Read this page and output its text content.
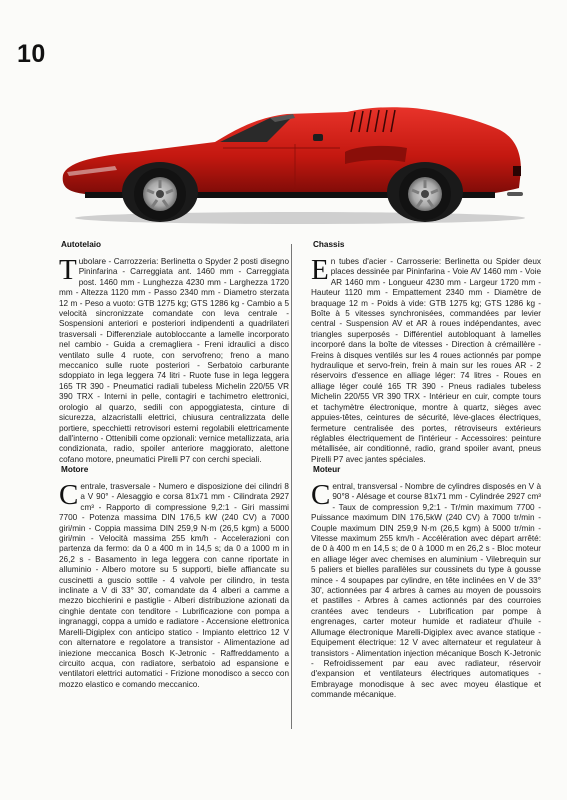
10
Autotelaio
Tubolare - Carrozzeria: Berlinetta o Spyder 2 posti disegno Pininfarina - Carreggiata ant. 1460 mm - Carreggiata post. 1460 mm - Lunghezza 4230 mm - Larghezza 1720 mm - Altezza 1120 mm - Passo 2340 mm - Diametro sterzata 12 m - Peso a vuoto: GTB 1275 kg; GTS 1286 kg - Cambio a 5 velocità sincronizzate comandate con leva centrale - Sospensioni anteriori e posteriori indipendenti a quadrilateri trasversali - Differenziale autobloccante a lamelle incorporato nel cambio - Guida a cremagliera - Freni idraulici a disco ventilato sulle 4 ruote, con servofreno; freno a mano meccanico sulle ruote posteriori - Serbatoio carburante sdoppiato in lega leggera 74 litri - Ruote fuse in lega leggera 165 TR 390 - Pneumatici radiali tubeless Michelin 220/55 VR 390 TRX - Interni in pelle, contagiri e tachimetro elettronici, orologio al quarzo, sedili con appoggiatesta, cinture di sicurezza, alzacristalli elettrici, chiusura centralizzata delle portiere, specchietti retrovisori esterni regolabili elettricamente dall'interno - Ottenibili come opzionali: vernice metallizzata, aria condizionata, radio, spoiler anteriore maggiorato, alettone cofano motore, pneumatici Pirelli P7 con cerchi speciali.
Chassis
En tubes d'acier - Carrosserie: Berlinetta ou Spider deux places dessinée par Pininfarina - Voie AV 1460 mm - Voie AR 1460 mm - Longueur 4230 mm - Largeur 1720 mm - Hauteur 1120 mm - Empattement 2340 mm - Diamètre de braquage 12 m - Poids à vide: GTB 1275 kg; GTS 1286 kg - Boîte à 5 vitesses synchronisées, commandées par levier central - Suspension AV et AR à roues indépendantes, avec triangles superposés - Différentiel autobloquant à lamelles incorporé dans la boîte de vitesses - Direction à crémaillère - Freins à disques ventilés sur les 4 roues actionnés par pompe hydraulique et servo-frein, frein à main sur les roues AR - 2 réservoirs d'essence en alliage léger: 74 litres - Roues en alliage léger coulé 165 TR 390 - Pneus radiales tubeless Michelin 220/55 VR 390 TRX - Intérieur en cuir, compte tours et tachymètre électronique, montre à quartz, sièges avec appuies-têtes, ceintures de sécurité, lève-glaces électriques, fermeture centralisée des portes, rétroviseurs extérieurs réglables électriquement de l'intérieur - Accessoires: peinture métallisée, air conditionné, radio, grand spoiler avant, pneus Pirelli P7 avec jantes spéciales.
Motore
Centrale, trasversale - Numero e disposizione dei cilindri 8 a V 90° - Alesaggio e corsa 81x71 mm - Cilindrata 2927 cm³ - Rapporto di compressione 9,2:1 - Giri massimi 7700 - Potenza massima DIN 176,5 kW (240 CV) a 7000 giri/min - Coppia massima DIN 259,9 N·m (26,5 kgm) a 5000 giri/min - Velocità massima 255 km/h - Accelerazioni con partenza da fermo: da 0 a 400 m in 14,5 s; da 0 a 1000 m in 26,2 s - Basamento in lega leggera con canne riportate in alluminio - Albero motore su 5 supporti, bielle affiancate su cuscinetti a guscio sottile - 4 valvole per cilindro, in testa inclinate a V di 33° 30', comandate da 4 alberi a camme a mezzo bicchierini e pastiglie - Alberi distribuzione azionati da cinghie dentate con tenditore - Lubrificazione con pompa a ingranaggi, coppa a umido e radiatore - Accensione elettronica Marelli-Digiplex con anticipo statico - Impianto elettrico 12 V con alternatore e regolatore a transistor - Alimentazione ad iniezione meccanica Bosch K-Jetronic - Raffreddamento a circuito acqua, con radiatore, serbatoio ad espansione e ventilatori elettrici automatici - Frizione monodisco a secco con mozzo elastico e comando meccanico.
Moteur
Central, transversal - Nombre de cylindres disposés en V à 90°8 - Alésage et course 81x71 mm - Cylindrée 2927 cm³ - Taux de compression 9,2:1 - Tr/min maximum 7700 - Puissance maximum DIN 176,5kW (240 CV) à 7000 tr/min - Couple maximum DIN 259,9 N·m (26,5 kgm) à 5000 tr/min - Vitesse maximum 255 km/h - Accélération avec départ arrêté: de 0 à 400 m en 14,5 s; de 0 à 1000 m en 26,2 s - Bloc moteur en alliage léger avec chemises en aluminium - Vilebrequin sur 5 paliers et bielles parallèles sur coussinets du type à gousse mince - 4 soupapes par cylindre, en tête inclinées en V de 33° 30', actionnées par 4 arbres à cames au moyen de poussoirs et pastilles - Arbres à cames actionnés par des courroies crantées avec tendeurs - Lubrification par pompe à engrenages, carter moteur humide et radiateur d'huile - Allumage électronique Marelli-Digiplex avec avance statique - Equipement électrique: 12 V avec alternateur et regulateur à transistors - Alimentation injection mécanique Bosch K-Jetronic - Refroidissement par eau avec radiateur, réservoir d'expansion et ventilateurs électriques automatiques - Embrayage monodisque à sec avec moyeu élastique et commande mécanique.
